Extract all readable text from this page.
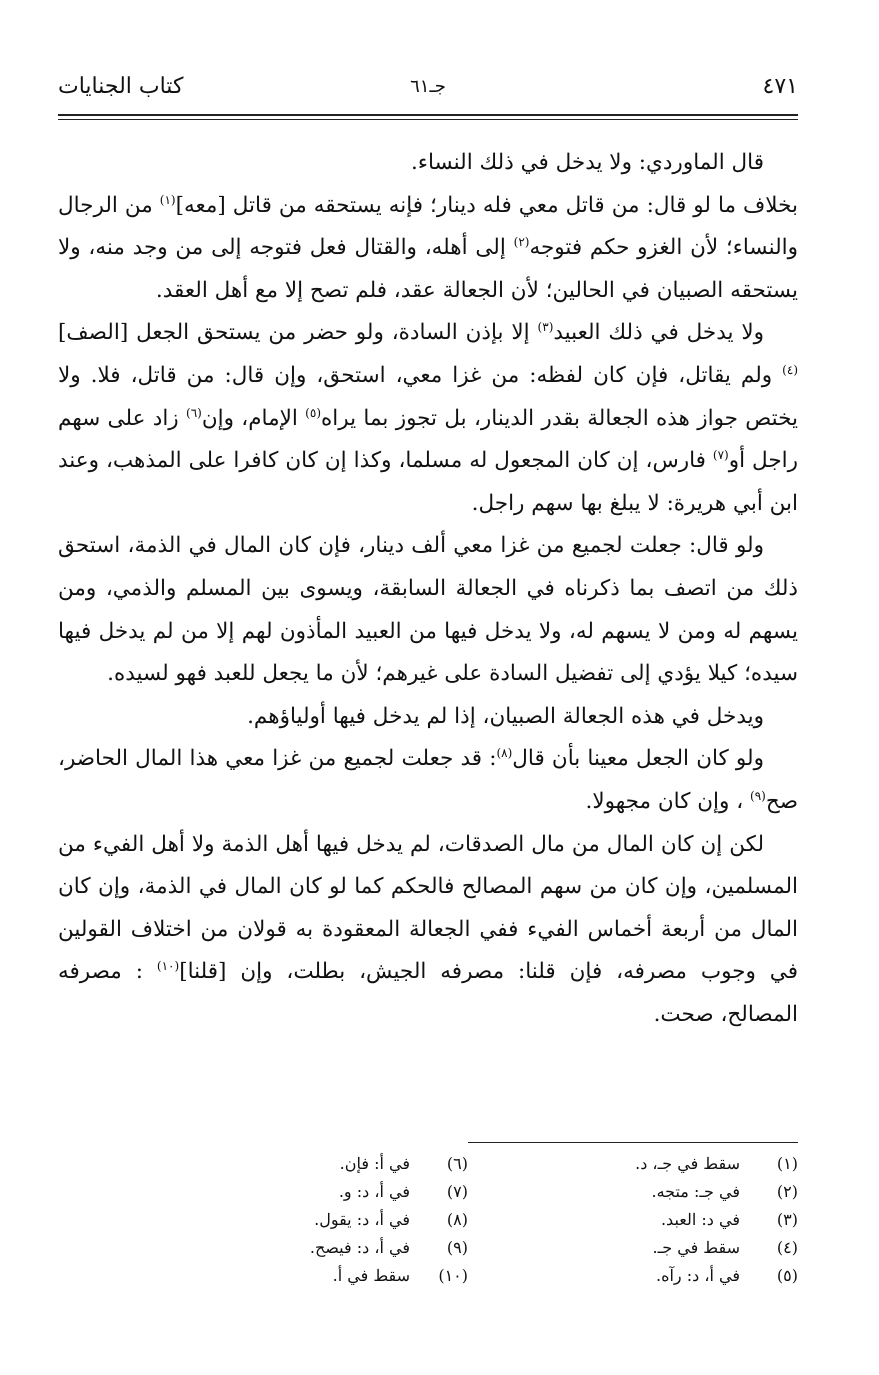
٤٧١
جـ٦١
كتاب الجنايات

قال الماوردي: ولا يدخل في ذلك النساء.

بخلاف ما لو قال: من قاتل معي فله دينار؛ فإنه يستحقه من قاتل [معه]$^{(١)}$ من الرجال والنساء؛ لأن الغزو حكم فتوجه$^{(٢)}$ إلى أهله، والقتال فعل فتوجه إلى من وجد منه، ولا يستحقه الصبيان في الحالين؛ لأن الجعالة عقد، فلم تصح إلا مع أهل العقد.

ولا يدخل في ذلك العبيد$^{(٣)}$ إلا بإذن السادة، ولو حضر من يستحق الجعل [الصف]$^{(٤)}$ ولم يقاتل، فإن كان لفظه: من غزا معي، استحق، وإن قال: من قاتل، فلا. ولا يختص جواز هذه الجعالة بقدر الدينار، بل تجوز بما يراه$^{(٥)}$ الإمام، وإن$^{(٦)}$ زاد على سهم راجل أو$^{(٧)}$ فارس، إن كان المجعول له مسلما، وكذا إن كان كافرا على المذهب، وعند ابن أبي هريرة: لا يبلغ بها سهم راجل.

ولو قال: جعلت لجميع من غزا معي ألف دينار، فإن كان المال في الذمة، استحق ذلك من اتصف بما ذكرناه في الجعالة السابقة، ويسوى بين المسلم والذمي، ومن يسهم له ومن لا يسهم له، ولا يدخل فيها من العبيد المأذون لهم إلا من لم يدخل فيها سيده؛ كيلا يؤدي إلى تفضيل السادة على غيرهم؛ لأن ما يجعل للعبد فهو لسيده.

ويدخل في هذه الجعالة الصبيان، إذا لم يدخل فيها أولياؤهم.

ولو كان الجعل معينا بأن قال$^{(٨)}$: قد جعلت لجميع من غزا معي هذا المال الحاضر، صح$^{(٩)}$ ، وإن كان مجهولا.

لكن إن كان المال من مال الصدقات، لم يدخل فيها أهل الذمة ولا أهل الفيء من المسلمين، وإن كان من سهم المصالح فالحكم كما لو كان المال في الذمة، وإن كان المال من أربعة أخماس الفيء ففي الجعالة المعقودة به قولان من اختلاف القولين في وجوب مصرفه، فإن قلنا: مصرفه الجيش، بطلت، وإن [قلنا]$^{(١٠)}$ : مصرفه المصالح، صحت.

(١)
سقط في جـ، د.
(٢)
في جـ: متجه.
(٣)
في د: العبد.
(٤)
سقط في جـ.
(٥)
في أ، د: رآه.
(٦)
في أ: فإن.
(٧)
في أ، د: و.
(٨)
في أ، د: يقول.
(٩)
في أ، د: فيصح.
(١٠)
سقط في أ.
